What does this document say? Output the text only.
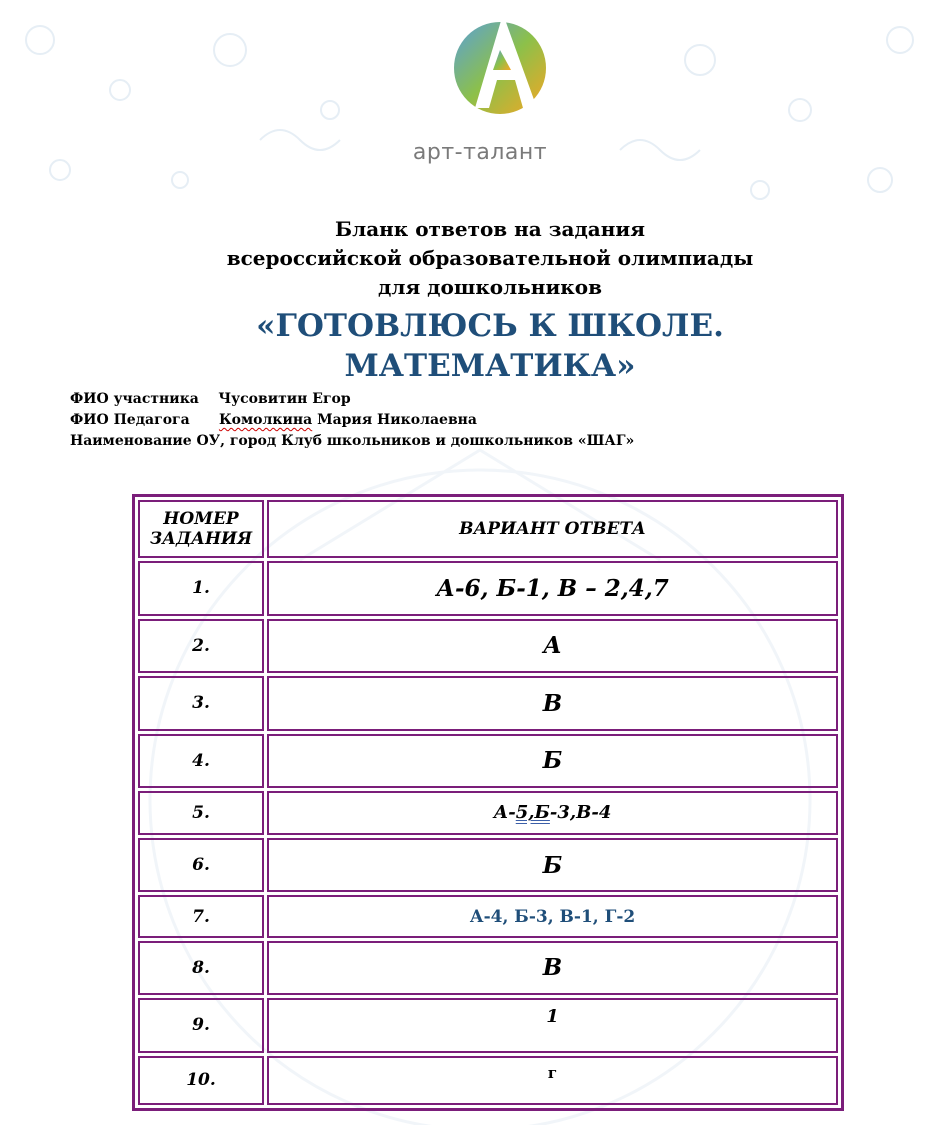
арт-талант
Бланк ответов на задания
всероссийской образовательной олимпиады
для дошкольников
«ГОТОВЛЮСЬ К ШКОЛЕ.
МАТЕМАТИКА»
ФИО участника Чусовитин Егор
ФИО Педагога Комолкина Мария Николаевна
Наименование ОУ, город Клуб школьников и дошкольников «ШАГ»
НОМЕР
ЗАДАНИЯ	ВАРИАНТ ОТВЕТА
1.	А-6, Б-1, В – 2,4,7
2.	А
3.	В
4.	Б
5.	А-5,Б-3,В-4
6.	Б
7.	А-4, Б-3, В-1, Г-2
8.	В
9.	1
10.	г
